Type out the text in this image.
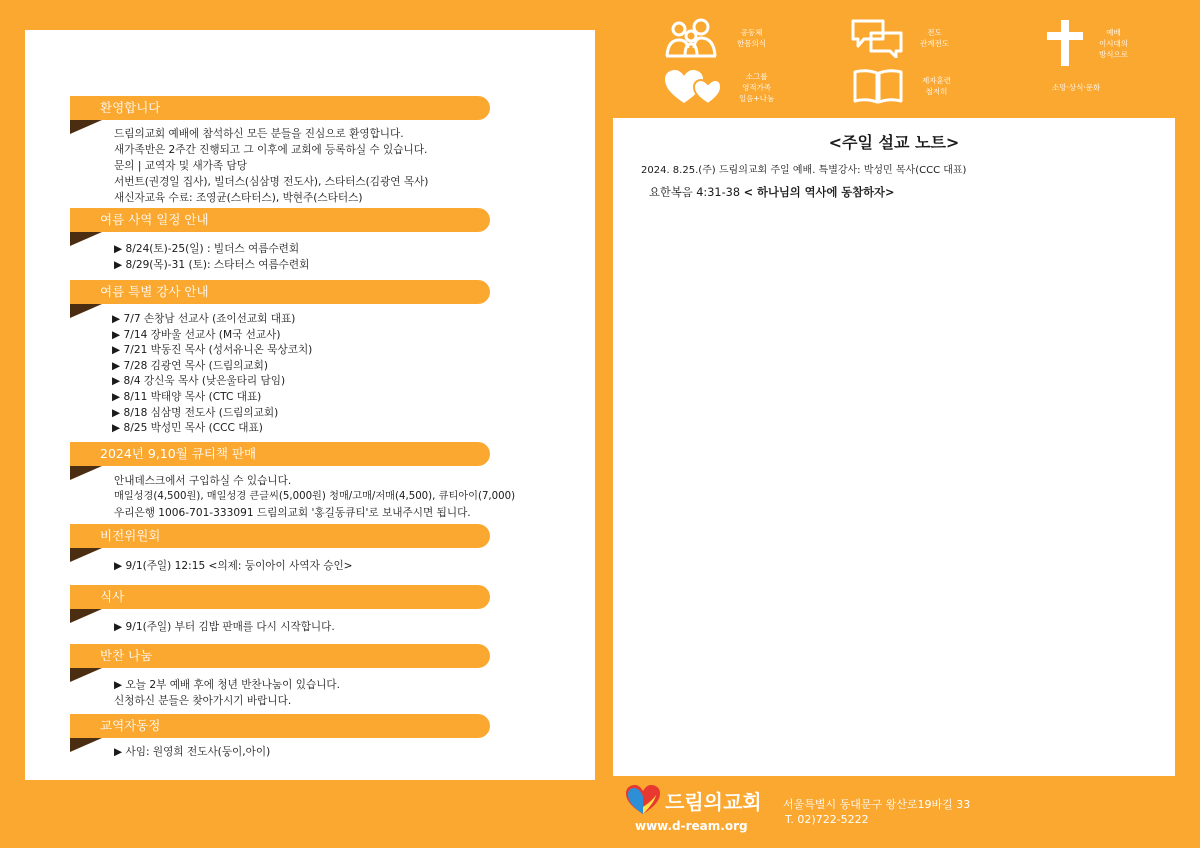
환영합니다
드림의교회 예배에 참석하신 모든 분들을 진심으로 환영합니다.
새가족반은 2주간 진행되고 그 이후에 교회에 등록하실 수 있습니다.
문의 | 교역자 및 새가족 담당
서번트(권경일 집사), 빌더스(심삼명 전도사), 스타터스(김광연 목사)
새신자교육 수료: 조영균(스타터스), 박현주(스타터스)
여름 사역 일정 안내
▶ 8/24(토)-25(일) : 빌더스 여름수련회
▶ 8/29(목)-31 (토): 스타터스 여름수련회
여름 특별 강사 안내
▶ 7/7 손창남 선교사 (죠이선교회 대표)
▶ 7/14 장바울 선교사 (M국 선교사)
▶ 7/21 박동진 목사 (성서유니온 묵상코치)
▶ 7/28 김광연 목사 (드림의교회)
▶ 8/4 강신욱 목사 (낮은울타리 담임)
▶ 8/11 박태양 목사 (CTC 대표)
▶ 8/18 심삼명 전도사 (드림의교회)
▶ 8/25 박성민 목사 (CCC 대표)
2024년 9,10월 큐티책 판매
안내데스크에서 구입하실 수 있습니다.
매일성경(4,500원), 매일성경 큰글씨(5,000원) 청매/고매/저매(4,500), 큐티아이(7,000)
우리은행 1006-701-333091 드림의교회 '홍길동큐티'로 보내주시면 됩니다.
비전위원회
▶ 9/1(주일) 12:15 <의제: 둥이아이 사역자 승인>
식사
▶ 9/1(주일) 부터 김밥 판매를 다시 시작합니다.
반찬 나눔
▶ 오늘 2부 예배 후에 청년 반찬나눔이 있습니다.
신청하신 분들은 찾아가시기 바랍니다.
교역자동정
▶ 사임: 원영희 전도사(둥이,아이)
공동체
한몸의식
전도
관계전도
예배
이시대의
방식으로
소그룹
영적가족
일음+나눔
제자훈련
철저히	소망·상식·문화
<주일 설교 노트>
2024. 8.25.(주) 드림의교회 주일 예배. 특별강사: 박성민 목사(CCC 대표)
요한복음 4:31-38 < 하나님의 역사에 동참하자>
드림의교회
www.d-ream.org
서울특별시 동대문구 왕산로19바길 33
T. 02)722-5222
